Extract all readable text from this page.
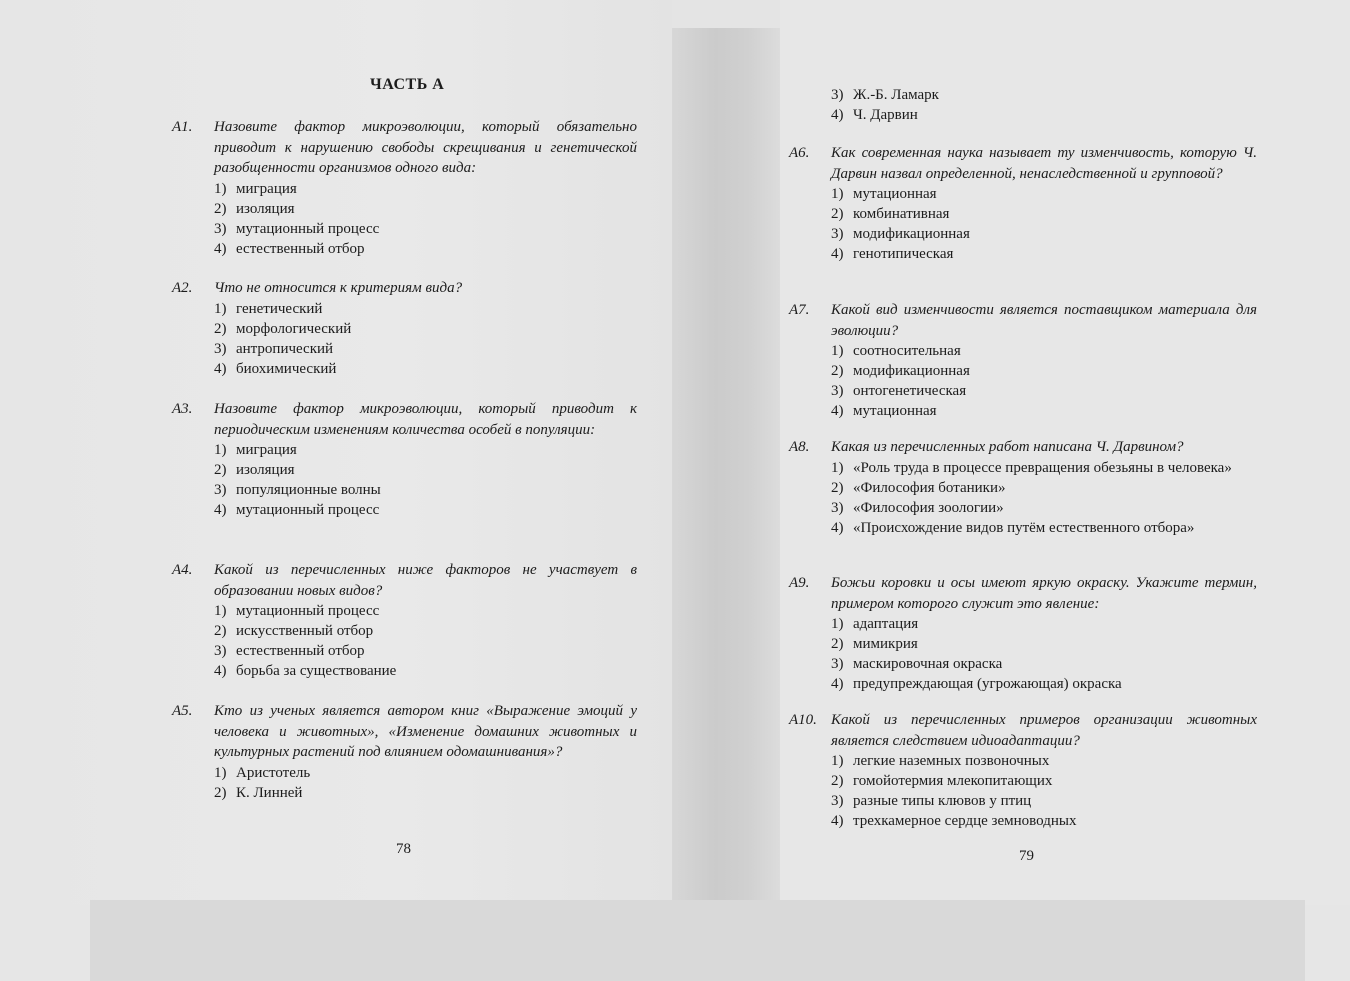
ЧАСТЬ А
А1.	Назовите фактор микроэволюции, который обязательно приводит к нарушению свободы скрещивания и генетической разобщенности организмов одного вида:
1) миграция
2) изоляция
3) мутационный процесс
4) естественный отбор
А2.	Что не относится к критериям вида?
1) генетический
2) морфологический
3) антропический
4) биохимический
А3.	Назовите фактор микроэволюции, который приводит к периодическим изменениям количества особей в популяции:
1) миграция
2) изоляция
3) популяционные волны
4) мутационный процесс
А4.	Какой из перечисленных ниже факторов не участвует в образовании новых видов?
1) мутационный процесс
2) искусственный отбор
3) естественный отбор
4) борьба за существование
А5.	Кто из ученых является автором книг «Выражение эмоций у человека и животных», «Изменение домашних животных и культурных растений под влиянием одомашнивания»?
1) Аристотель
2) К. Линней
78
3) Ж.-Б. Ламарк
4) Ч. Дарвин
А6.	Как современная наука называет ту изменчивость, которую Ч. Дарвин назвал определенной, ненаследственной и групповой?
1) мутационная
2) комбинативная
3) модификационная
4) генотипическая
А7.	Какой вид изменчивости является поставщиком материала для эволюции?
1) соотносительная
2) модификационная
3) онтогенетическая
4) мутационная
А8.	Какая из перечисленных работ написана Ч. Дарвином?
1) «Роль труда в процессе превращения обезьяны в человека»
2) «Философия ботаники»
3) «Философия зоологии»
4) «Происхождение видов путём естественного отбора»
А9.	Божьи коровки и осы имеют яркую окраску. Укажите термин, примером которого служит это явление:
1) адаптация
2) мимикрия
3) маскировочная окраска
4) предупреждающая (угрожающая) окраска
А10. Какой из перечисленных примеров организации животных является следствием идиоадаптации?
1) легкие наземных позвоночных
2) гомойотермия млекопитающих
3) разные типы клювов у птиц
4) трехкамерное сердце земноводных
79
